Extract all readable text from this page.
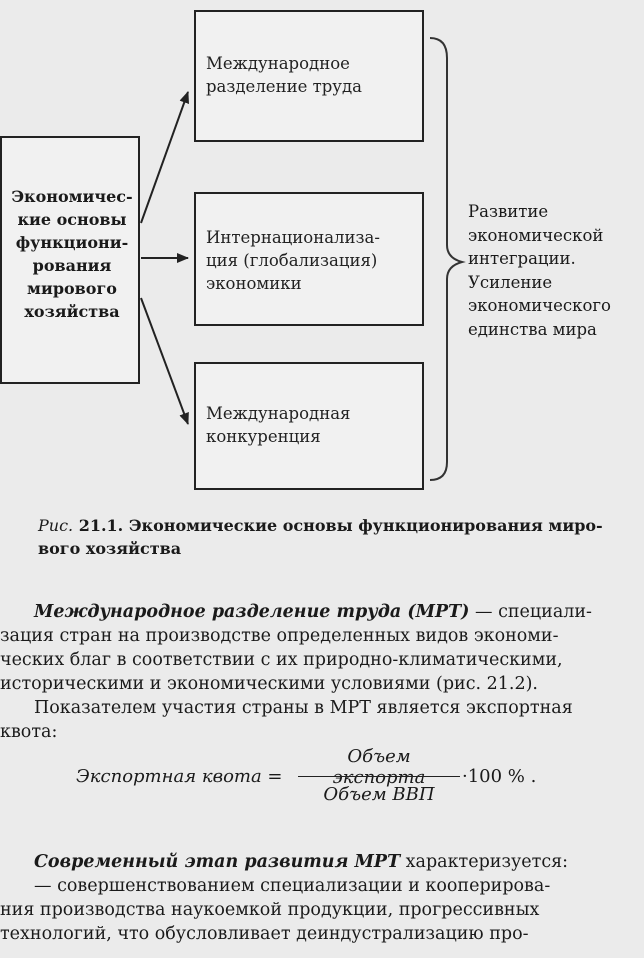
Экономичес-кие основы функциони-рования мирового хозяйства
Международное
разделение труда
Интернационализа-
ция (глобализация)
экономики
Международная
конкуренция
Развитие
экономической
интеграции.
Усиление
экономического
единства мира
Рис. 21.1. Экономические основы функционирования миро-
вого хозяйства

Международное разделение труда (МРТ) — специали-

зация стран на производстве определенных видов экономи-

ческих благ в соответствии с их природно-климатическими,

историческими и экономическими условиями (рис. 21.2).

Показателем участия страны в МРТ является экспортная

квота:

Экспортная квота =
Объем экспорта
Объем ВВП
·100 % .

Современный этап развития МРТ характеризуется:

— совершенствованием специализации и кооперирова-

ния производства наукоемкой продукции, прогрессивных

технологий, что обусловливает деиндустрализацию про-
